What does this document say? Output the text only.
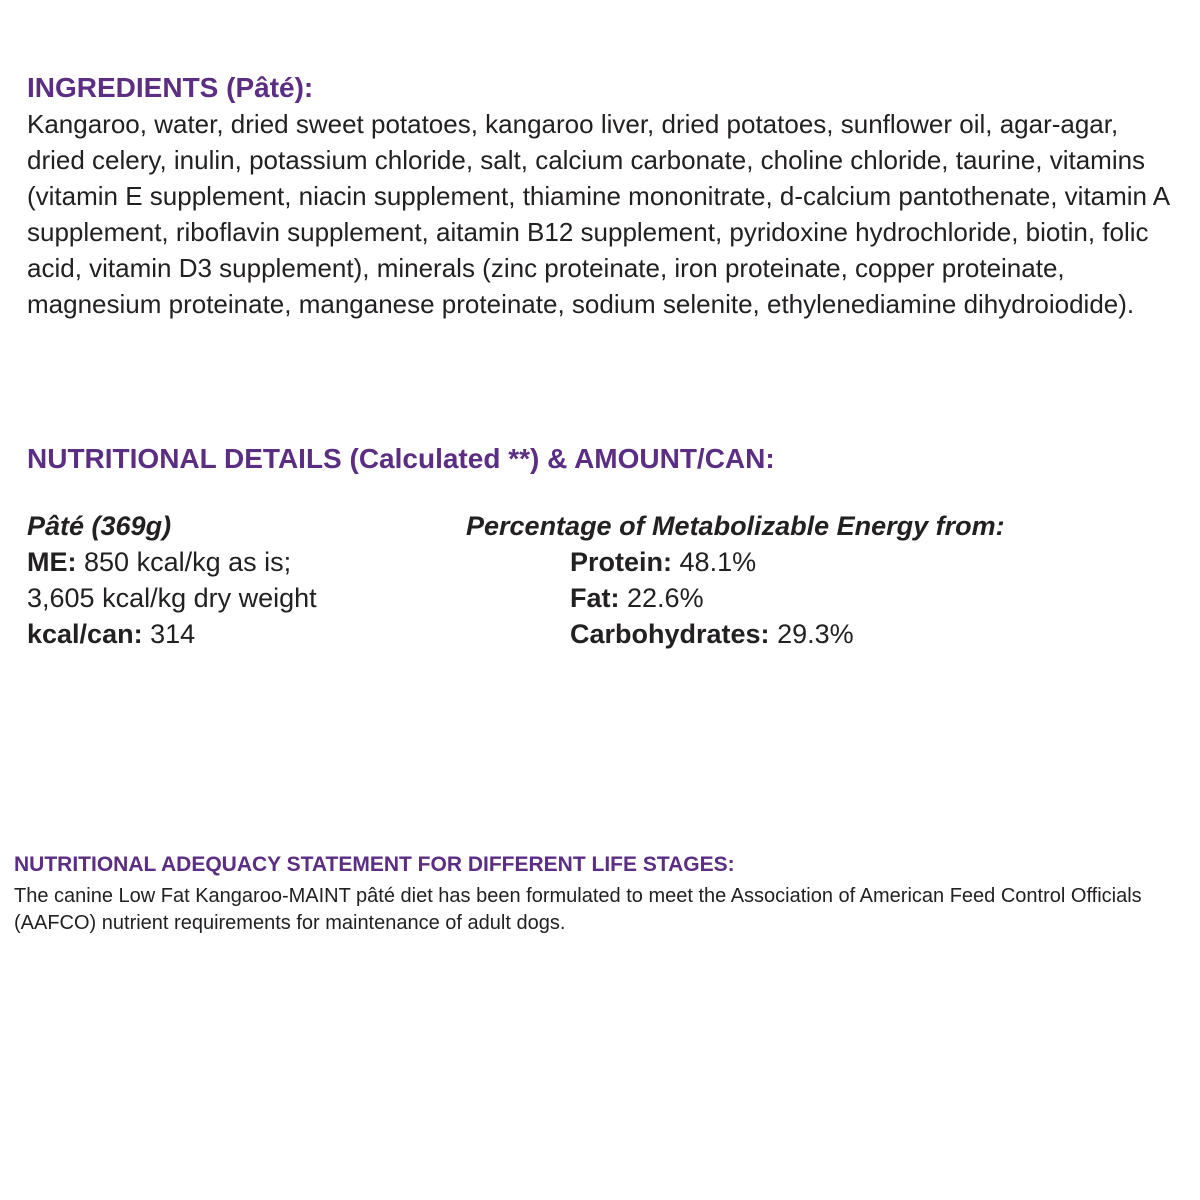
INGREDIENTS (Pâté):
Kangaroo, water, dried sweet potatoes, kangaroo liver, dried potatoes, sunflower oil, agar-agar, dried celery, inulin, potassium chloride, salt, calcium carbonate, choline chloride, taurine, vitamins (vitamin E supplement, niacin supplement, thiamine mononitrate, d-calcium pantothenate, vitamin A supplement, riboflavin supplement, aitamin B12 supplement, pyridoxine hydrochloride, biotin, folic acid, vitamin D3 supplement), minerals (zinc proteinate, iron proteinate, copper proteinate, magnesium proteinate, manganese proteinate, sodium selenite, ethylenediamine dihydroiodide).
NUTRITIONAL DETAILS (Calculated **) & AMOUNT/CAN:
Pâté (369g)
ME: 850 kcal/kg as is;
3,605 kcal/kg dry weight
kcal/can: 314
Percentage of Metabolizable Energy from:
Protein: 48.1%
Fat: 22.6%
Carbohydrates: 29.3%
NUTRITIONAL ADEQUACY STATEMENT FOR DIFFERENT LIFE STAGES:
The canine Low Fat Kangaroo-MAINT pâté diet has been formulated to meet the Association of American Feed Control Officials (AAFCO) nutrient requirements for maintenance of adult dogs.
